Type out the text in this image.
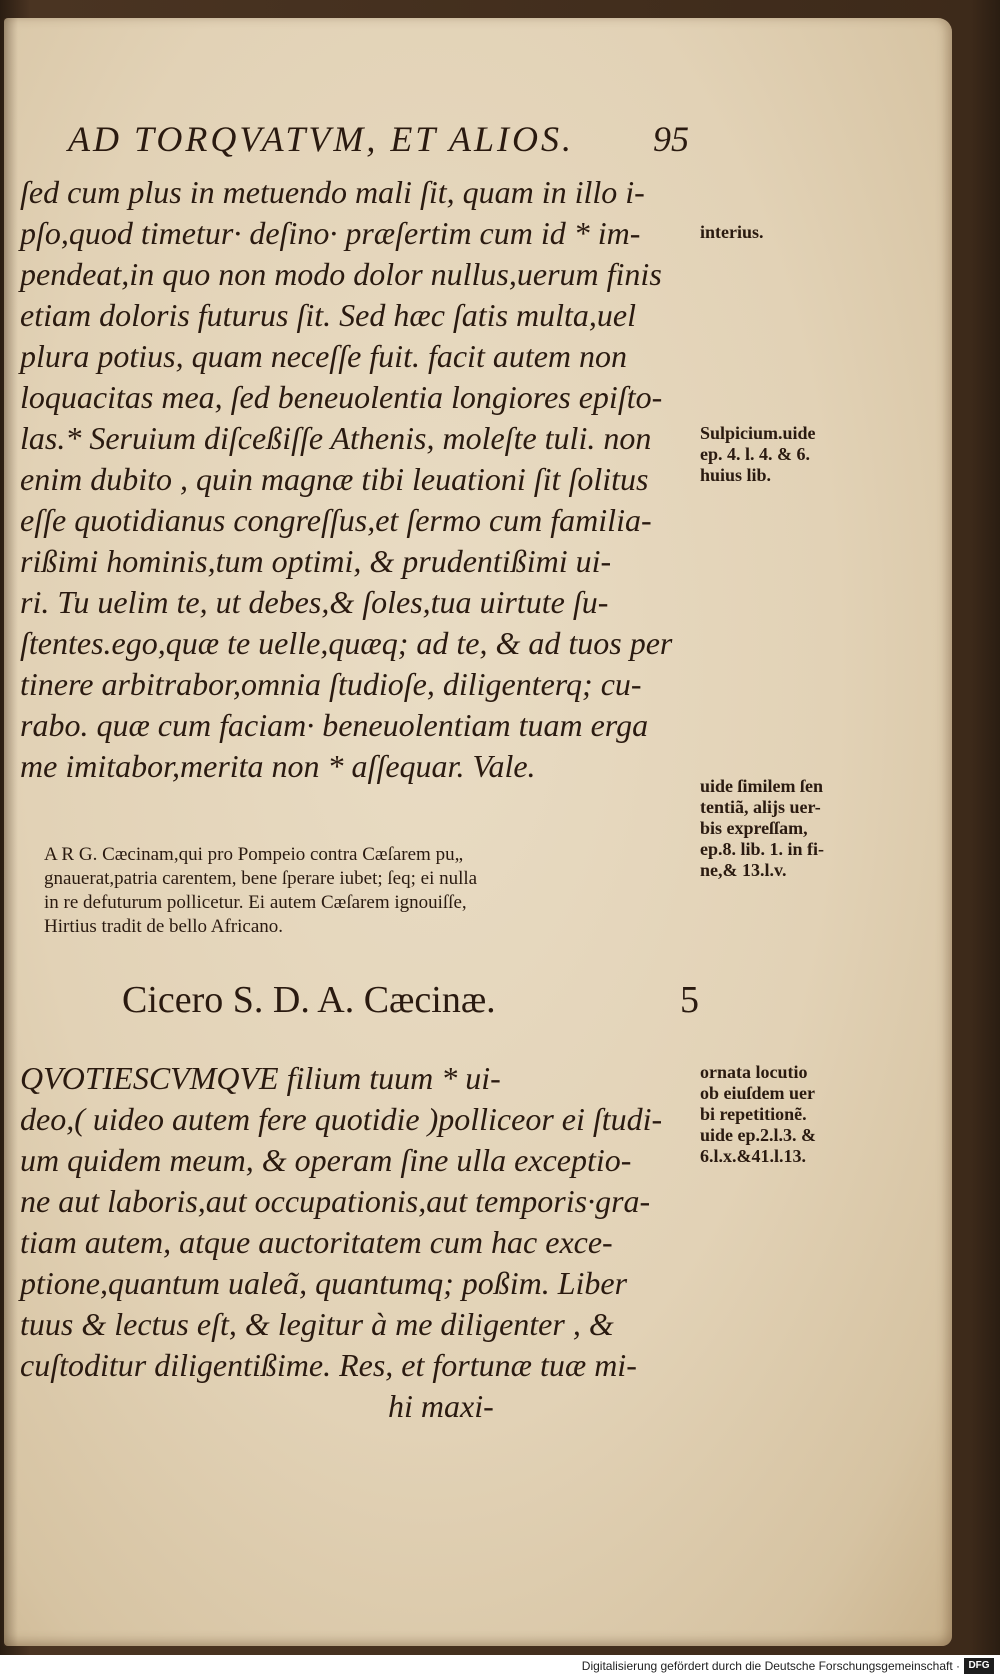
AD TORQVATVM, ET ALIOS. 95
ſed cum plus in metuendo mali ſit, quam in illo i-
pſo,quod timetur· deſino· præſertim cum id * im-
pendeat,in quo non modo dolor nullus,uerum finis
etiam doloris futurus ſit. Sed hæc ſatis multa,uel
plura potius, quam neceſſe fuit. facit autem non
loquacitas mea, ſed beneuolentia longiores epiſto-
las.* Seruium diſceßiſſe Athenis, moleſte tuli. non
enim dubito , quin magnæ tibi leuationi ſit ſolitus
eſſe quotidianus congreſſus,et ſermo cum familia-
rißimi hominis,tum optimi, & prudentißimi ui-
ri. Tu uelim te, ut debes,& ſoles,tua uirtute ſu-
ſtentes.ego,quæ te uelle,quæq; ad te, & ad tuos per
tinere arbitrabor,omnia ſtudioſe, diligenterq; cu-
rabo. quæ cum faciam· beneuolentiam tuam erga
me imitabor,merita non * aſſequar. Vale.
interius.
Sulpicium.uide
ep. 4. l. 4. & 6.
huius lib.
uide ſimilem ſen
tentiã, alijs uer-
bis expreſſam,
ep.8. lib. 1. in fi-
ne,& 13.l.v.
A R G. Cæcinam,qui pro Pompeio contra Cæſarem pu„
gnauerat,patria carentem, bene ſperare iubet; ſeq; ei nulla
in re defuturum pollicetur. Ei autem Cæſarem ignouiſſe,
Hirtius tradit de bello Africano.
Cicero S. D. A. Cæcinæ.	5
QVOTIESCVMQVE filium tuum * ui-
deo,( uideo autem fere quotidie )polliceor ei ſtudi-
um quidem meum, & operam ſine ulla exceptio-
ne aut laboris,aut occupationis,aut temporis·gra-
tiam autem, atque auctoritatem cum hac exce-
ptione,quantum ualeã, quantumq; poßim. Liber
tuus & lectus eſt, & legitur à me diligenter , &
cuſtoditur diligentißime. Res, et fortunæ tuæ mi-
hi maxi-
ornata locutio
ob eiuſdem uer
bi repetitionẽ.
uide ep.2.l.3. &
6.l.x.&41.l.13.
Digitalisierung gefördert durch die Deutsche Forschungsgemeinschaft · DFG
